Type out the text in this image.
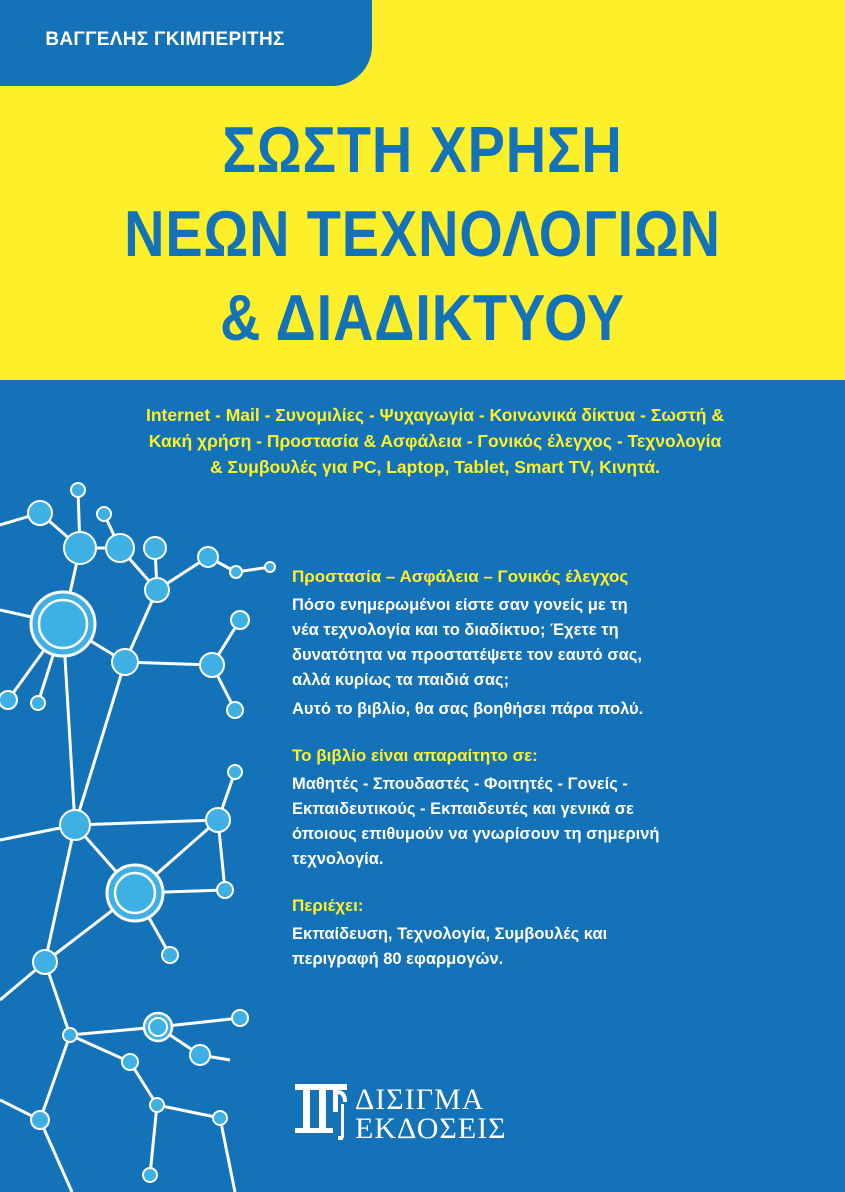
ΒΑΓΓΕΛΗΣ ΓΚΙΜΠΕΡΙΤΗΣ
ΣΩΣΤΗ ΧΡΗΣΗ
ΝΕΩΝ ΤΕΧΝΟΛΟΓΙΩΝ
& ΔΙΑΔΙΚΤΥΟΥ
Internet - Mail - Συνομιλίες - Ψυχαγωγία - Κοινωνικά δίκτυα - Σωστή &
Κακή χρήση - Προστασία & Ασφάλεια - Γονικός έλεγχος - Τεχνολογία
& Συμβουλές για PC, Laptop, Tablet, Smart TV, Κινητά.

Προστασία – Ασφάλεια – Γονικός έλεγχος

Πόσο ενημερωμένοι είστε σαν γονείς με τη
νέα τεχνολογία και το διαδίκτυο; Έχετε τη
δυνατότητα να προστατέψετε τον εαυτό σας,
αλλά κυρίως τα παιδιά σας;

Αυτό το βιβλίο, θα σας βοηθήσει πάρα πολύ.

Το βιβλίο είναι απαραίτητο σε:

Μαθητές - Σπουδαστές - Φοιτητές - Γονείς -
Εκπαιδευτικούς - Εκπαιδευτές και γενικά σε
όποιους επιθυμούν να γνωρίσουν τη σημερινή
τεχνολογία.

Περιέχει:

Εκπαίδευση, Τεχνολογία, Συμβουλές και
περιγραφή 80 εφαρμογών.

ΔΙΣΙΓΜΑ
ΕΚΔΟΣΕΙΣ
